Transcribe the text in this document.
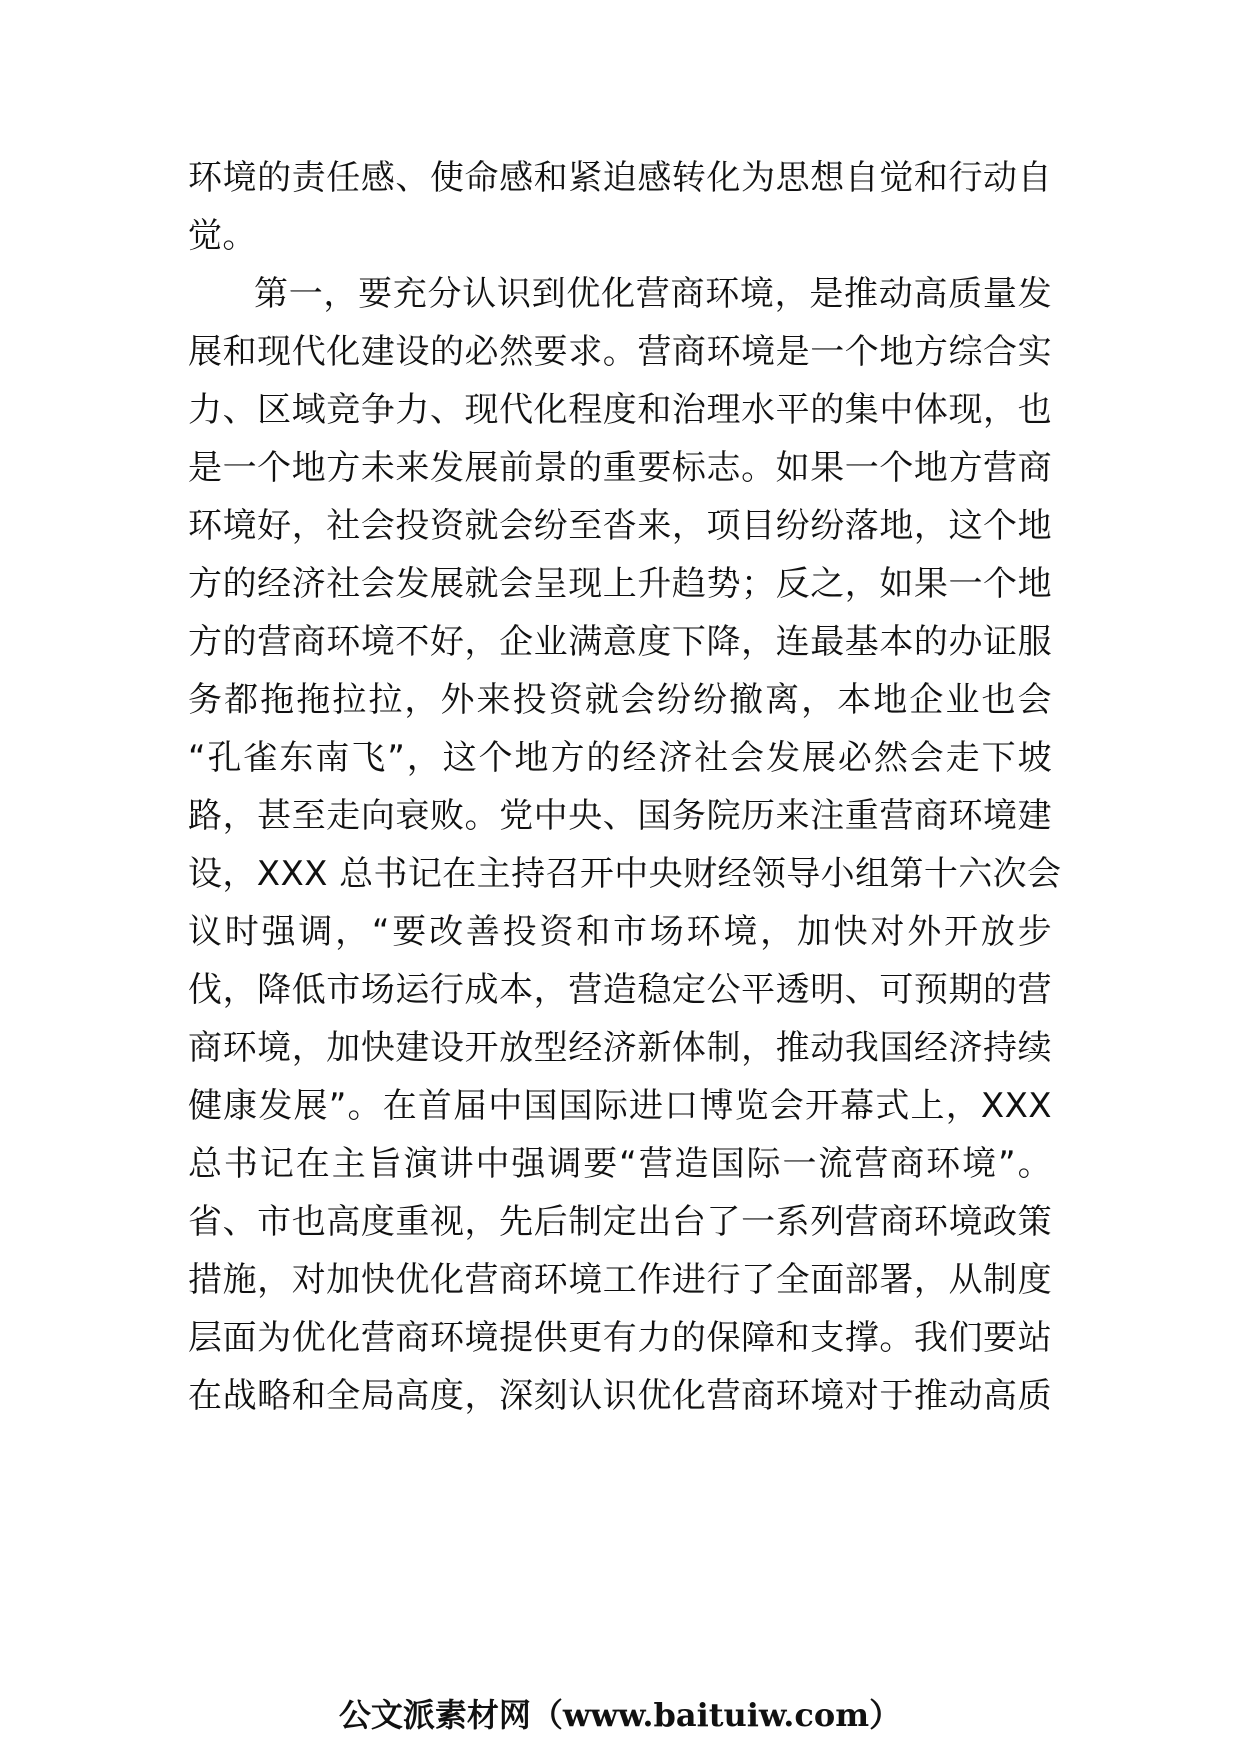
环境的责任感、使命感和紧迫感转化为思想自觉和行动自
觉。
第一，要充分认识到优化营商环境，是推动高质量发
展和现代化建设的必然要求。营商环境是一个地方综合实
力、区域竞争力、现代化程度和治理水平的集中体现，也
是一个地方未来发展前景的重要标志。如果一个地方营商
环境好，社会投资就会纷至沓来，项目纷纷落地，这个地
方的经济社会发展就会呈现上升趋势；反之，如果一个地
方的营商环境不好，企业满意度下降，连最基本的办证服
务都拖拖拉拉，外来投资就会纷纷撤离，本地企业也会
“孔雀东南飞”，这个地方的经济社会发展必然会走下坡
路，甚至走向衰败。党中央、国务院历来注重营商环境建
设，XXX 总书记在主持召开中央财经领导小组第十六次会
议时强调，“要改善投资和市场环境，加快对外开放步
伐，降低市场运行成本，营造稳定公平透明、可预期的营
商环境，加快建设开放型经济新体制，推动我国经济持续
健康发展”。在首届中国国际进口博览会开幕式上，XXX
总书记在主旨演讲中强调要“营造国际一流营商环境”。
省、市也高度重视，先后制定出台了一系列营商环境政策
措施，对加快优化营商环境工作进行了全面部署，从制度
层面为优化营商环境提供更有力的保障和支撑。我们要站
在战略和全局高度，深刻认识优化营商环境对于推动高质
公文派素材网（www.baituiw.com）
